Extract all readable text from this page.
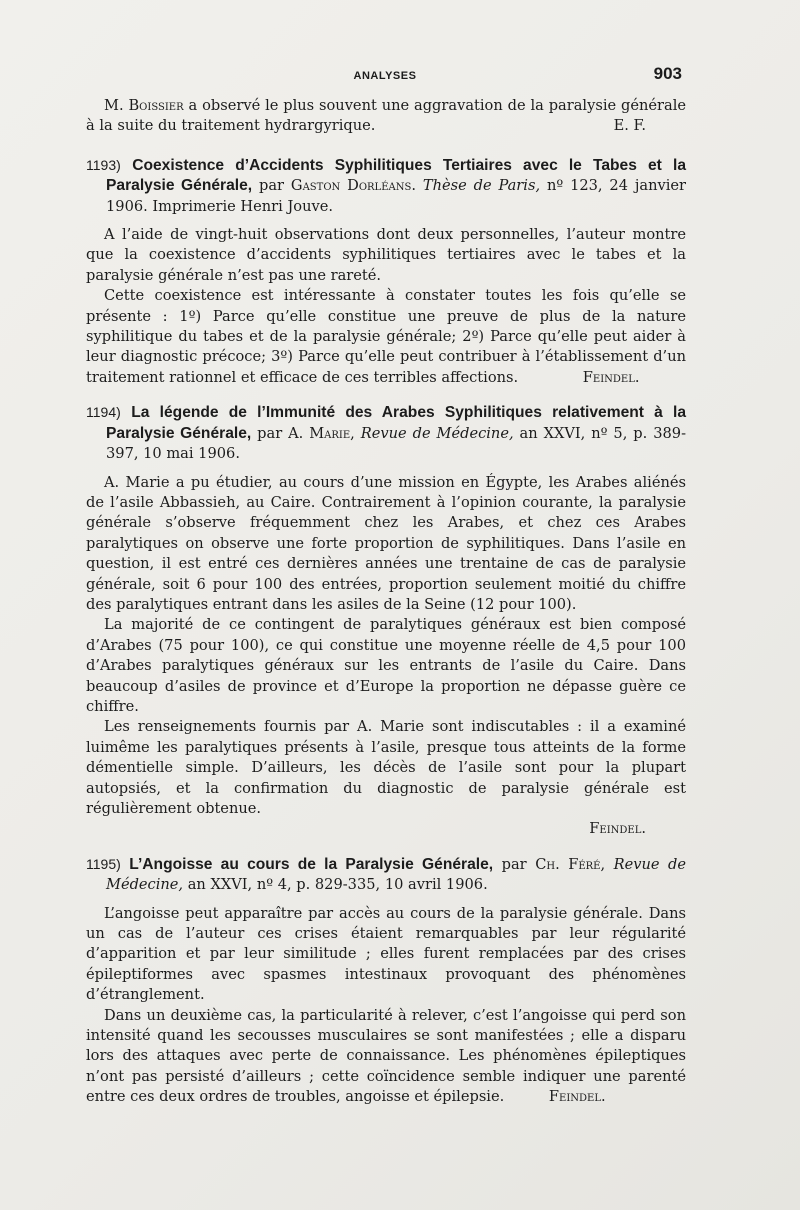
ANALYSES	903

M. Boissier a observé le plus souvent une aggravation de la paralysie générale à la suite du traitement hydrargyrique.	E. F.

1193) Coexistence d’Accidents Syphilitiques Tertiaires avec le Tabes et la Paralysie Générale, par Gaston Dorléans. Thèse de Paris, nº 123, 24 janvier 1906. Imprimerie Henri Jouve.

A l’aide de vingt-huit observations dont deux personnelles, l’auteur montre que la coexistence d’accidents syphilitiques tertiaires avec le tabes et la paralysie générale n’est pas une rareté.

Cette coexistence est intéressante à constater toutes les fois qu’elle se présente : 1º) Parce qu’elle constitue une preuve de plus de la nature syphilitique du tabes et de la paralysie générale; 2º) Parce qu’elle peut aider à leur diagnostic précoce; 3º) Parce qu’elle peut contribuer à l’établissement d’un traitement rationnel et efficace de ces terribles affections.	Feindel.

1194) La légende de l’Immunité des Arabes Syphilitiques relativement à la Paralysie Générale, par A. Marie, Revue de Médecine, an XXVI, nº 5, p. 389-397, 10 mai 1906.

A. Marie a pu étudier, au cours d’une mission en Égypte, les Arabes aliénés de l’asile Abbassieh, au Caire. Contrairement à l’opinion courante, la paralysie générale s’observe fréquemment chez les Arabes, et chez ces Arabes paralytiques on observe une forte proportion de syphilitiques. Dans l’asile en question, il est entré ces dernières années une trentaine de cas de paralysie générale, soit 6 pour 100 des entrées, proportion seulement moitié du chiffre des paralytiques entrant dans les asiles de la Seine (12 pour 100).

La majorité de ce contingent de paralytiques généraux est bien composé d’Arabes (75 pour 100), ce qui constitue une moyenne réelle de 4,5 pour 100 d’Arabes paralytiques généraux sur les entrants de l’asile du Caire. Dans beaucoup d’asiles de province et d’Europe la proportion ne dépasse guère ce chiffre.

Les renseignements fournis par A. Marie sont indiscutables : il a examiné luimême les paralytiques présents à l’asile, presque tous atteints de la forme démentielle simple. D’ailleurs, les décès de l’asile sont pour la plupart autopsiés, et la confirmation du diagnostic de paralysie générale est régulièrement obtenue.

Feindel.
1195) L’Angoisse au cours de la Paralysie Générale, par Ch. Féré, Revue de Médecine, an XXVI, nº 4, p. 829-335, 10 avril 1906.

L’angoisse peut apparaître par accès au cours de la paralysie générale. Dans un cas de l’auteur ces crises étaient remarquables par leur régularité d’apparition et par leur similitude ; elles furent remplacées par des crises épileptiformes avec spasmes intestinaux provoquant des phénomènes d’étranglement.

Dans un deuxième cas, la particularité à relever, c’est l’angoisse qui perd son intensité quand les secousses musculaires se sont manifestées ; elle a disparu lors des attaques avec perte de connaissance. Les phénomènes épileptiques n’ont pas persisté d’ailleurs ; cette coïncidence semble indiquer une parenté entre ces deux ordres de troubles, angoisse et épilepsie.	Feindel.
